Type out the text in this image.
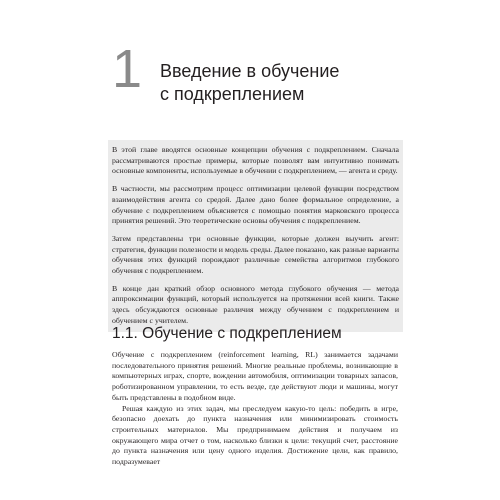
1 Введение в обучение
с подкреплением

В этой главе вводятся основные концепции обучения с подкреплением. Сначала рассматриваются простые примеры, которые позволят вам интуитивно понимать основные компоненты, используемые в обучении с подкреплением, — агента и среду.

В частности, мы рассмотрим процесс оптимизации целевой функции посредством взаимодействия агента со средой. Далее дано более формальное определение, а обучение с подкреплением объясняется с помощью понятия марковского процесса принятия решений. Это теоретические основы обучения с подкреплением.

Затем представлены три основные функции, которые должен выучить агент: стратегия, функции полезности и модель среды. Далее показано, как разные варианты обучения этих функций порождают различные семейства алгоритмов глубокого обучения с подкреплением.

В конце дан краткий обзор основного метода глубокого обучения — метода аппроксимации функций, который используется на протяжении всей книги. Также здесь обсуждаются основные различия между обучением с подкреплением и обучением с учителем.

1.1. Обучение с подкреплением

Обучение с подкреплением (reinforcement learning, RL) занимается задачами последовательного принятия решений. Многие реальные проблемы, возникающие в компьютерных играх, спорте, вождении автомобиля, оптимизации товарных запасов, роботизированном управлении, то есть везде, где действуют люди и машины, могут быть представлены в подобном виде.

Решая каждую из этих задач, мы преследуем какую-то цель: победить в игре, безопасно доехать до пункта назначения или минимизировать стоимость строительных материалов. Мы предпринимаем действия и получаем из окружающего мира отчет о том, насколько близки к цели: текущий счет, расстояние до пункта назначения или цену одного изделия. Достижение цели, как правило, подразумевает
